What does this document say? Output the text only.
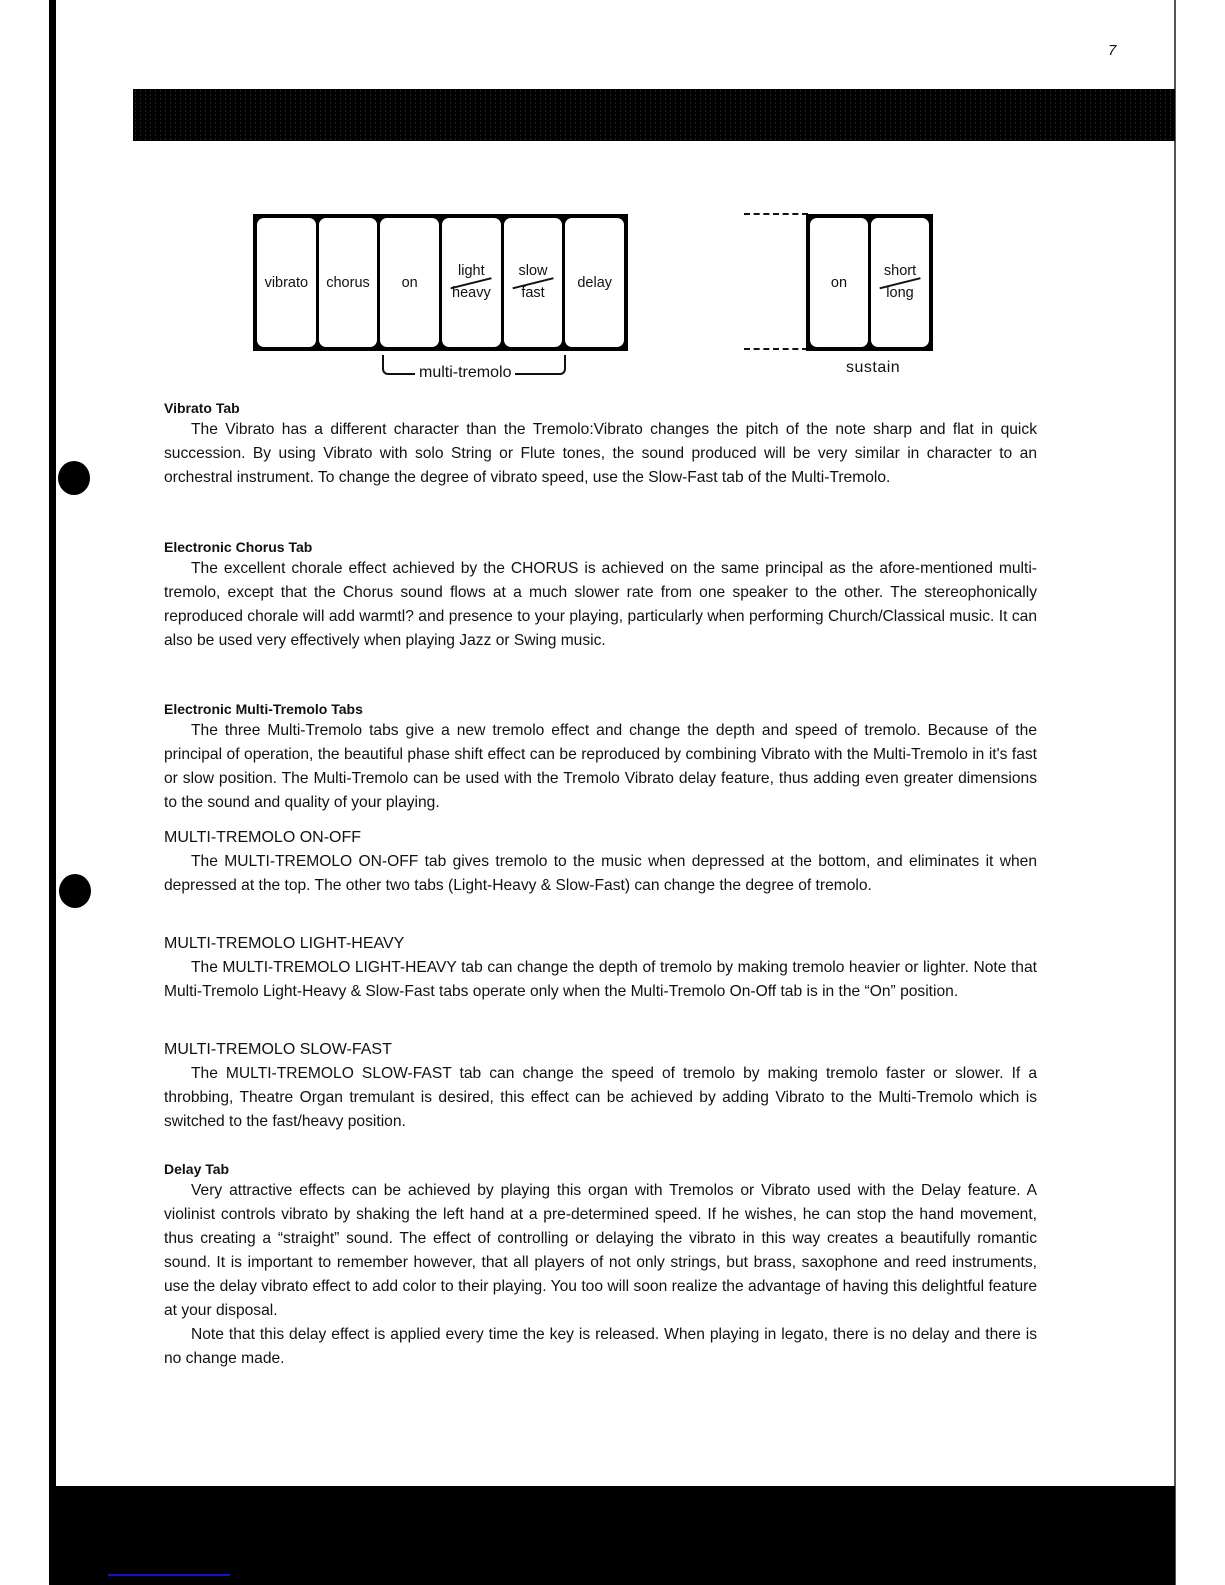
7
vibrato chorus on
light
heavy
slow
fast
delay
multi-tremolo
on
short
long
sustain
Vibrato Tab

The Vibrato has a different character than the Tremolo:Vibrato changes the pitch of the note sharp and flat in quick succession. By using Vibrato with solo String or Flute tones, the sound produced will be very similar in character to an orchestral instrument. To change the degree of vibrato speed, use the Slow-Fast tab of the Multi-Tremolo.

Electronic Chorus Tab

The excellent chorale effect achieved by the CHORUS is achieved on the same principal as the afore-mentioned multi-tremolo, except that the Chorus sound flows at a much slower rate from one speaker to the other. The stereophonically reproduced chorale will add warmtl? and presence to your playing, particularly when performing Church/Classical music. It can also be used very effectively when playing Jazz or Swing music.

Electronic Multi-Tremolo Tabs

The three Multi-Tremolo tabs give a new tremolo effect and change the depth and speed of tremolo. Because of the principal of operation, the beautiful phase shift effect can be reproduced by combining Vibrato with the Multi-Tremolo in it's fast or slow position. The Multi-Tremolo can be used with the Tremolo Vibrato delay feature, thus adding even greater dimensions to the sound and quality of your playing.

MULTI-TREMOLO ON-OFF

The MULTI-TREMOLO ON-OFF tab gives tremolo to the music when depressed at the bottom, and eliminates it when depressed at the top. The other two tabs (Light-Heavy & Slow-Fast) can change the degree of tremolo.

MULTI-TREMOLO LIGHT-HEAVY

The MULTI-TREMOLO LIGHT-HEAVY tab can change the depth of tremolo by making tremolo heavier or lighter. Note that Multi-Tremolo Light-Heavy & Slow-Fast tabs operate only when the Multi-Tremolo On-Off tab is in the “On” position.

MULTI-TREMOLO SLOW-FAST

The MULTI-TREMOLO SLOW-FAST tab can change the speed of tremolo by making tremolo faster or slower. If a throbbing, Theatre Organ tremulant is desired, this effect can be achieved by adding Vibrato to the Multi-Tremolo which is switched to the fast/heavy position.

Delay Tab

Very attractive effects can be achieved by playing this organ with Tremolos or Vibrato used with the Delay feature. A violinist controls vibrato by shaking the left hand at a pre-determined speed. If he wishes, he can stop the hand movement, thus creating a “straight” sound. The effect of controlling or delaying the vibrato in this way creates a beautifully romantic sound. It is important to remember however, that all players of not only strings, but brass, saxophone and reed instruments, use the delay vibrato effect to add color to their playing. You too will soon realize the advantage of having this delightful feature at your disposal.

Note that this delay effect is applied every time the key is released. When playing in legato, there is no delay and there is no change made.
